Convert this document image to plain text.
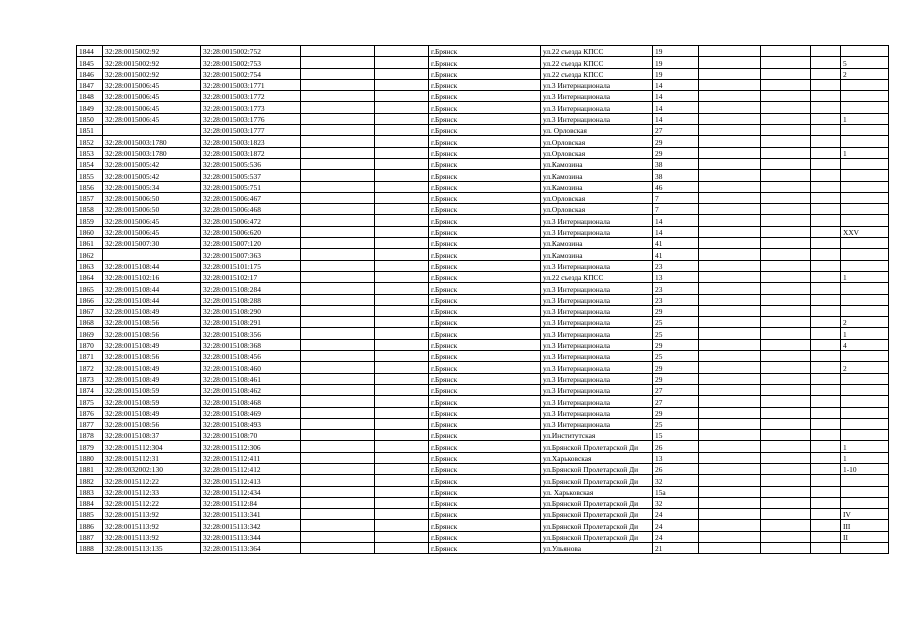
1844	32:28:0015002:92	32:28:0015002:752			г.Брянск	ул.22 съезда КПСС	19				
1845	32:28:0015002:92	32:28:0015002:753			г.Брянск	ул.22 съезда КПСС	19				5
1846	32:28:0015002:92	32:28:0015002:754			г.Брянск	ул.22 съезда КПСС	19				2
1847	32:28:0015006:45	32:28:0015003:1771			г.Брянск	ул.3 Интернационала	14				
1848	32:28:0015006:45	32:28:0015003:1772			г.Брянск	ул.3 Интернационала	14				
1849	32:28:0015006:45	32:28:0015003:1773			г.Брянск	ул.3 Интернационала	14				
1850	32:28:0015006:45	32:28:0015003:1776			г.Брянск	ул.3 Интернационала	14				1
1851		32:28:0015003:1777			г.Брянск	ул. Орловская	27				
1852	32:28:0015003:1780	32:28:0015003:1823			г.Брянск	ул.Орловская	29				
1853	32:28:0015003:1780	32:28:0015003:1872			г.Брянск	ул.Орловская	29				1
1854	32:28:0015005:42	32:28:0015005:536			г.Брянск	ул.Камозина	38				
1855	32:28:0015005:42	32:28:0015005:537			г.Брянск	ул.Камозина	38				
1856	32:28:0015005:34	32:28:0015005:751			г.Брянск	ул.Камозина	46				
1857	32:28:0015006:50	32:28:0015006:467			г.Брянск	ул.Орловская	7				
1858	32:28:0015006:50	32:28:0015006:468			г.Брянск	ул.Орловская	7				
1859	32:28:0015006:45	32:28:0015006:472			г.Брянск	ул.3 Интернационала	14				
1860	32:28:0015006:45	32:28:0015006:620			г.Брянск	ул.3 Интернационала	14				XXV
1861	32:28:0015007:30	32:28:0015007:120			г.Брянск	ул.Камозина	41				
1862		32:28:0015007:363			г.Брянск	ул.Камозина	41				
1863	32:28:0015108:44	32:28:0015101:175			г.Брянск	ул.3 Интернационала	23				
1864	32:28:0015102:16	32:28:0015102:17			г.Брянск	ул.22 съезда КПСС	13				1
1865	32:28:0015108:44	32:28:0015108:284			г.Брянск	ул.3 Интернационала	23				
1866	32:28:0015108:44	32:28:0015108:288			г.Брянск	ул.3 Интернационала	23				
1867	32:28:0015108:49	32:28:0015108:290			г.Брянск	ул.3 Интернационала	29				
1868	32:28:0015108:56	32:28:0015108:291			г.Брянск	ул.3 Интернационала	25				2
1869	32:28:0015108:56	32:28:0015108:356			г.Брянск	ул.3 Интернационала	25				1
1870	32:28:0015108:49	32:28:0015108:368			г.Брянск	ул.3 Интернационала	29				4
1871	32:28:0015108:56	32:28:0015108:456			г.Брянск	ул.3 Интернационала	25				
1872	32:28:0015108:49	32:28:0015108:460			г.Брянск	ул.3 Интернационала	29				2
1873	32:28:0015108:49	32:28:0015108:461			г.Брянск	ул.3 Интернационала	29				
1874	32:28:0015108:59	32:28:0015108:462			г.Брянск	ул.3 Интернационала	27				
1875	32:28:0015108:59	32:28:0015108:468			г.Брянск	ул.3 Интернационала	27				
1876	32:28:0015108:49	32:28:0015108:469			г.Брянск	ул.3 Интернационала	29				
1877	32:28:0015108:56	32:28:0015108:493			г.Брянск	ул.3 Интернационала	25				
1878	32:28:0015108:37	32:28:0015108:70			г.Брянск	ул.Институтская	15				
1879	32:28:0015112:304	32:28:0015112:306			г.Брянск	ул.Брянской Пролетарской Ди	26				1
1880	32:28:0015112:31	32:28:0015112:411			г.Брянск	ул.Харьковская	13				1
1881	32:28:0032002:130	32:28:0015112:412			г.Брянск	ул.Брянской Пролетарской Ди	26				1-10
1882	32:28:0015112:22	32:28:0015112:413			г.Брянск	ул.Брянской Пролетарской Ди	32				
1883	32:28:0015112:33	32:28:0015112:434			г.Брянск	ул. Харьковская	15а				
1884	32:28:0015112:22	32:28:0015112:84			г.Брянск	ул.Брянской Пролетарской Ди	32				
1885	32:28:0015113:92	32:28:0015113:341			г.Брянск	ул.Брянской Пролетарской Ди	24				IV
1886	32:28:0015113:92	32:28:0015113:342			г.Брянск	ул.Брянской Пролетарской Ди	24				III
1887	32:28:0015113:92	32:28:0015113:344			г.Брянск	ул.Брянской Пролетарской Ди	24				II
1888	32:28:0015113:135	32:28:0015113:364			г.Брянск	ул.Ульянова	21				
